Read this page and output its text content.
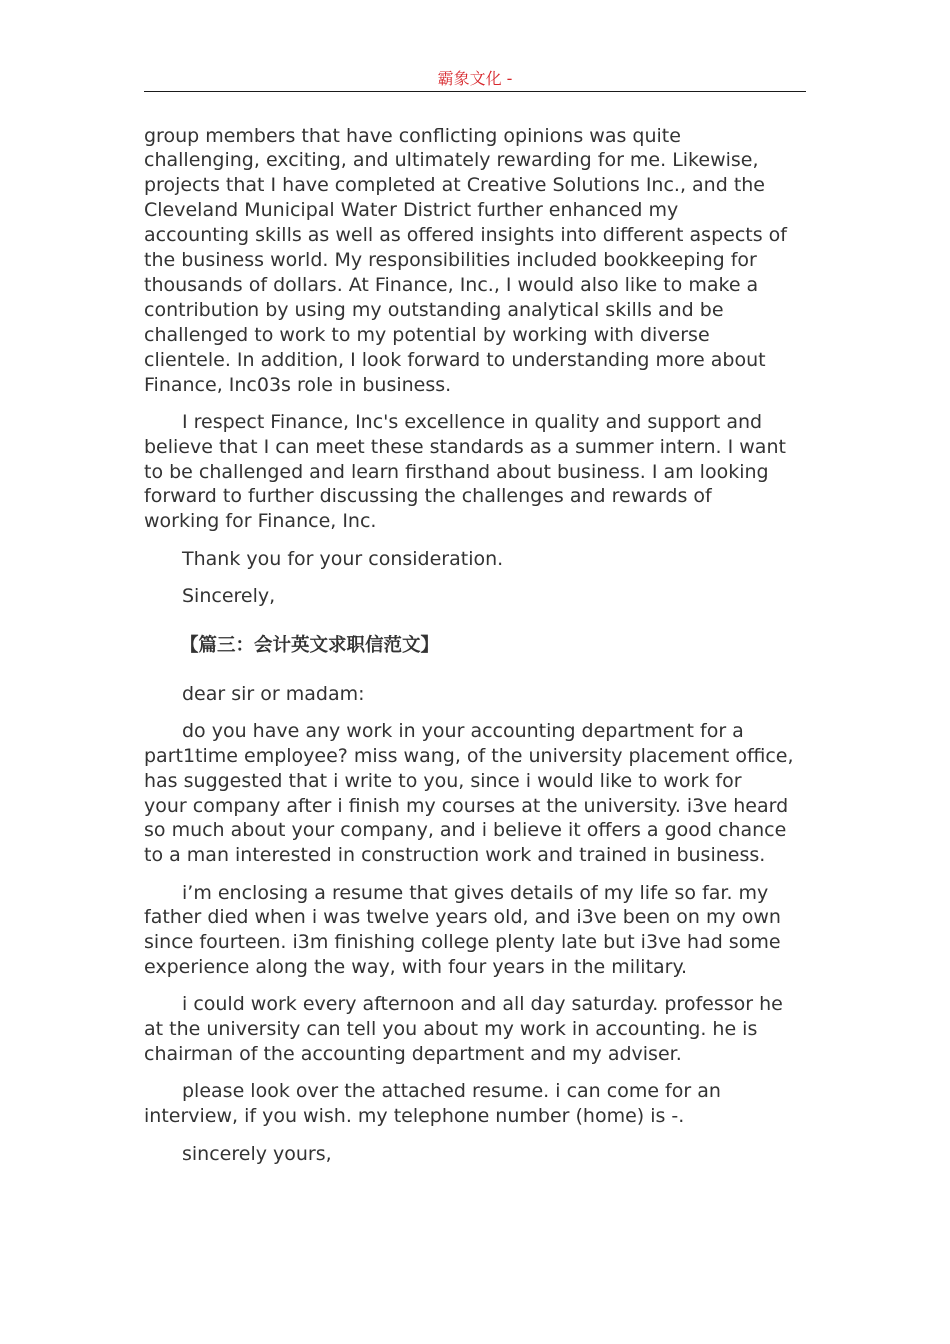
霸象文化 -
group members that have conflicting opinions was quite
challenging, exciting, and ultimately rewarding for me. Likewise,
projects that I have completed at Creative Solutions Inc., and the
Cleveland Municipal Water District further enhanced my
accounting skills as well as offered insights into different aspects of
the business world. My responsibilities included bookkeeping for
thousands of dollars. At Finance, Inc., I would also like to make a
contribution by using my outstanding analytical skills and be
challenged to work to my potential by working with diverse
clientele. In addition, I look forward to understanding more about
Finance, Inc03s role in business.
I respect Finance, Inc's excellence in quality and support and
believe that I can meet these standards as a summer intern. I want
to be challenged and learn firsthand about business. I am looking
forward to further discussing the challenges and rewards of
working for Finance, Inc.

Thank you for your consideration.

Sincerely,

【篇三：会计英文求职信范文】

dear sir or madam:

do you have any work in your accounting department for a
part1time employee? miss wang, of the university placement office,
has suggested that i write to you, since i would like to work for
your company after i finish my courses at the university. i3ve heard
so much about your company, and i believe it offers a good chance
to a man interested in construction work and trained in business.
i’m enclosing a resume that gives details of my life so far. my
father died when i was twelve years old, and i3ve been on my own
since fourteen. i3m finishing college plenty late but i3ve had some
experience along the way, with four years in the military.
i could work every afternoon and all day saturday. professor he
at the university can tell you about my work in accounting. he is
chairman of the accounting department and my adviser.
please look over the attached resume. i can come for an
interview, if you wish. my telephone number (home) is -.

sincerely yours,
